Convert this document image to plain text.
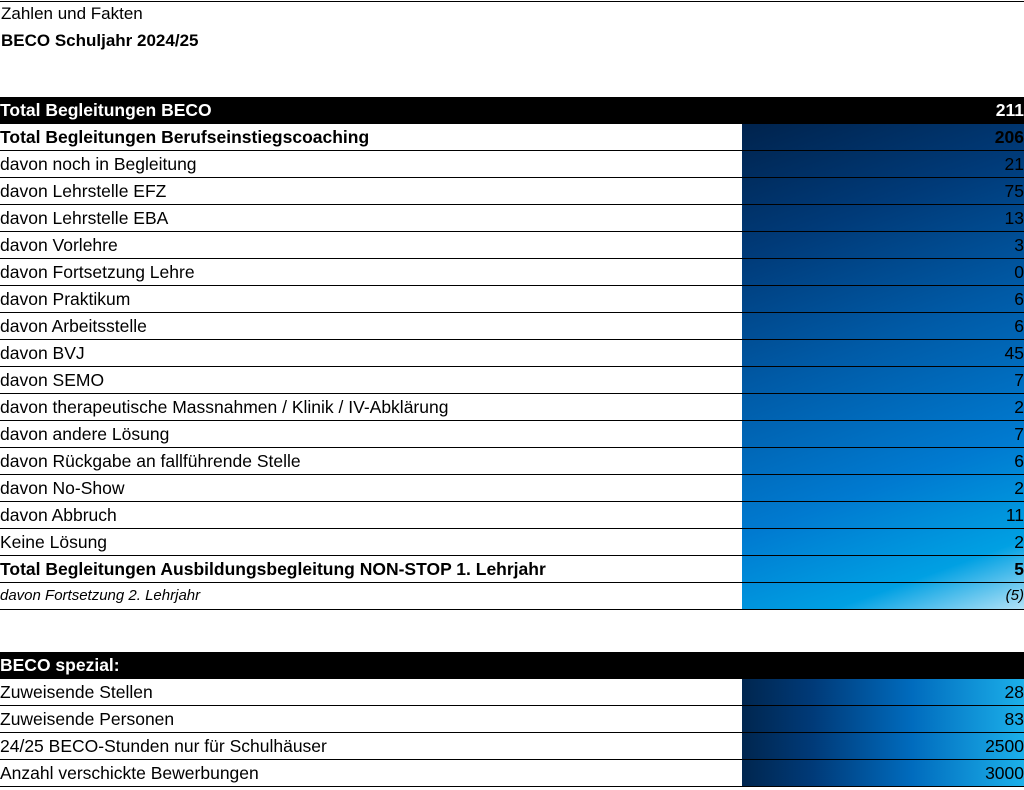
Zahlen und Fakten
BECO Schuljahr 2024/25
Total Begleitungen BECO	211
Total Begleitungen Berufseinstiegscoaching	206
davon noch in Begleitung	21
davon Lehrstelle EFZ	75
davon Lehrstelle EBA	13
davon Vorlehre	3
davon Fortsetzung Lehre	0
davon Praktikum	6
davon Arbeitsstelle	6
davon BVJ	45
davon SEMO	7
davon therapeutische Massnahmen / Klinik / IV-Abklärung	2
davon andere Lösung	7
davon Rückgabe an fallführende Stelle	6
davon No-Show	2
davon Abbruch	11
Keine Lösung	2
Total Begleitungen Ausbildungsbegleitung NON-STOP 1. Lehrjahr	5
davon Fortsetzung 2. Lehrjahr	(5)
BECO spezial:	
Zuweisende Stellen	28
Zuweisende Personen	83
24/25 BECO-Stunden nur für Schulhäuser	2500
Anzahl verschickte Bewerbungen	3000
